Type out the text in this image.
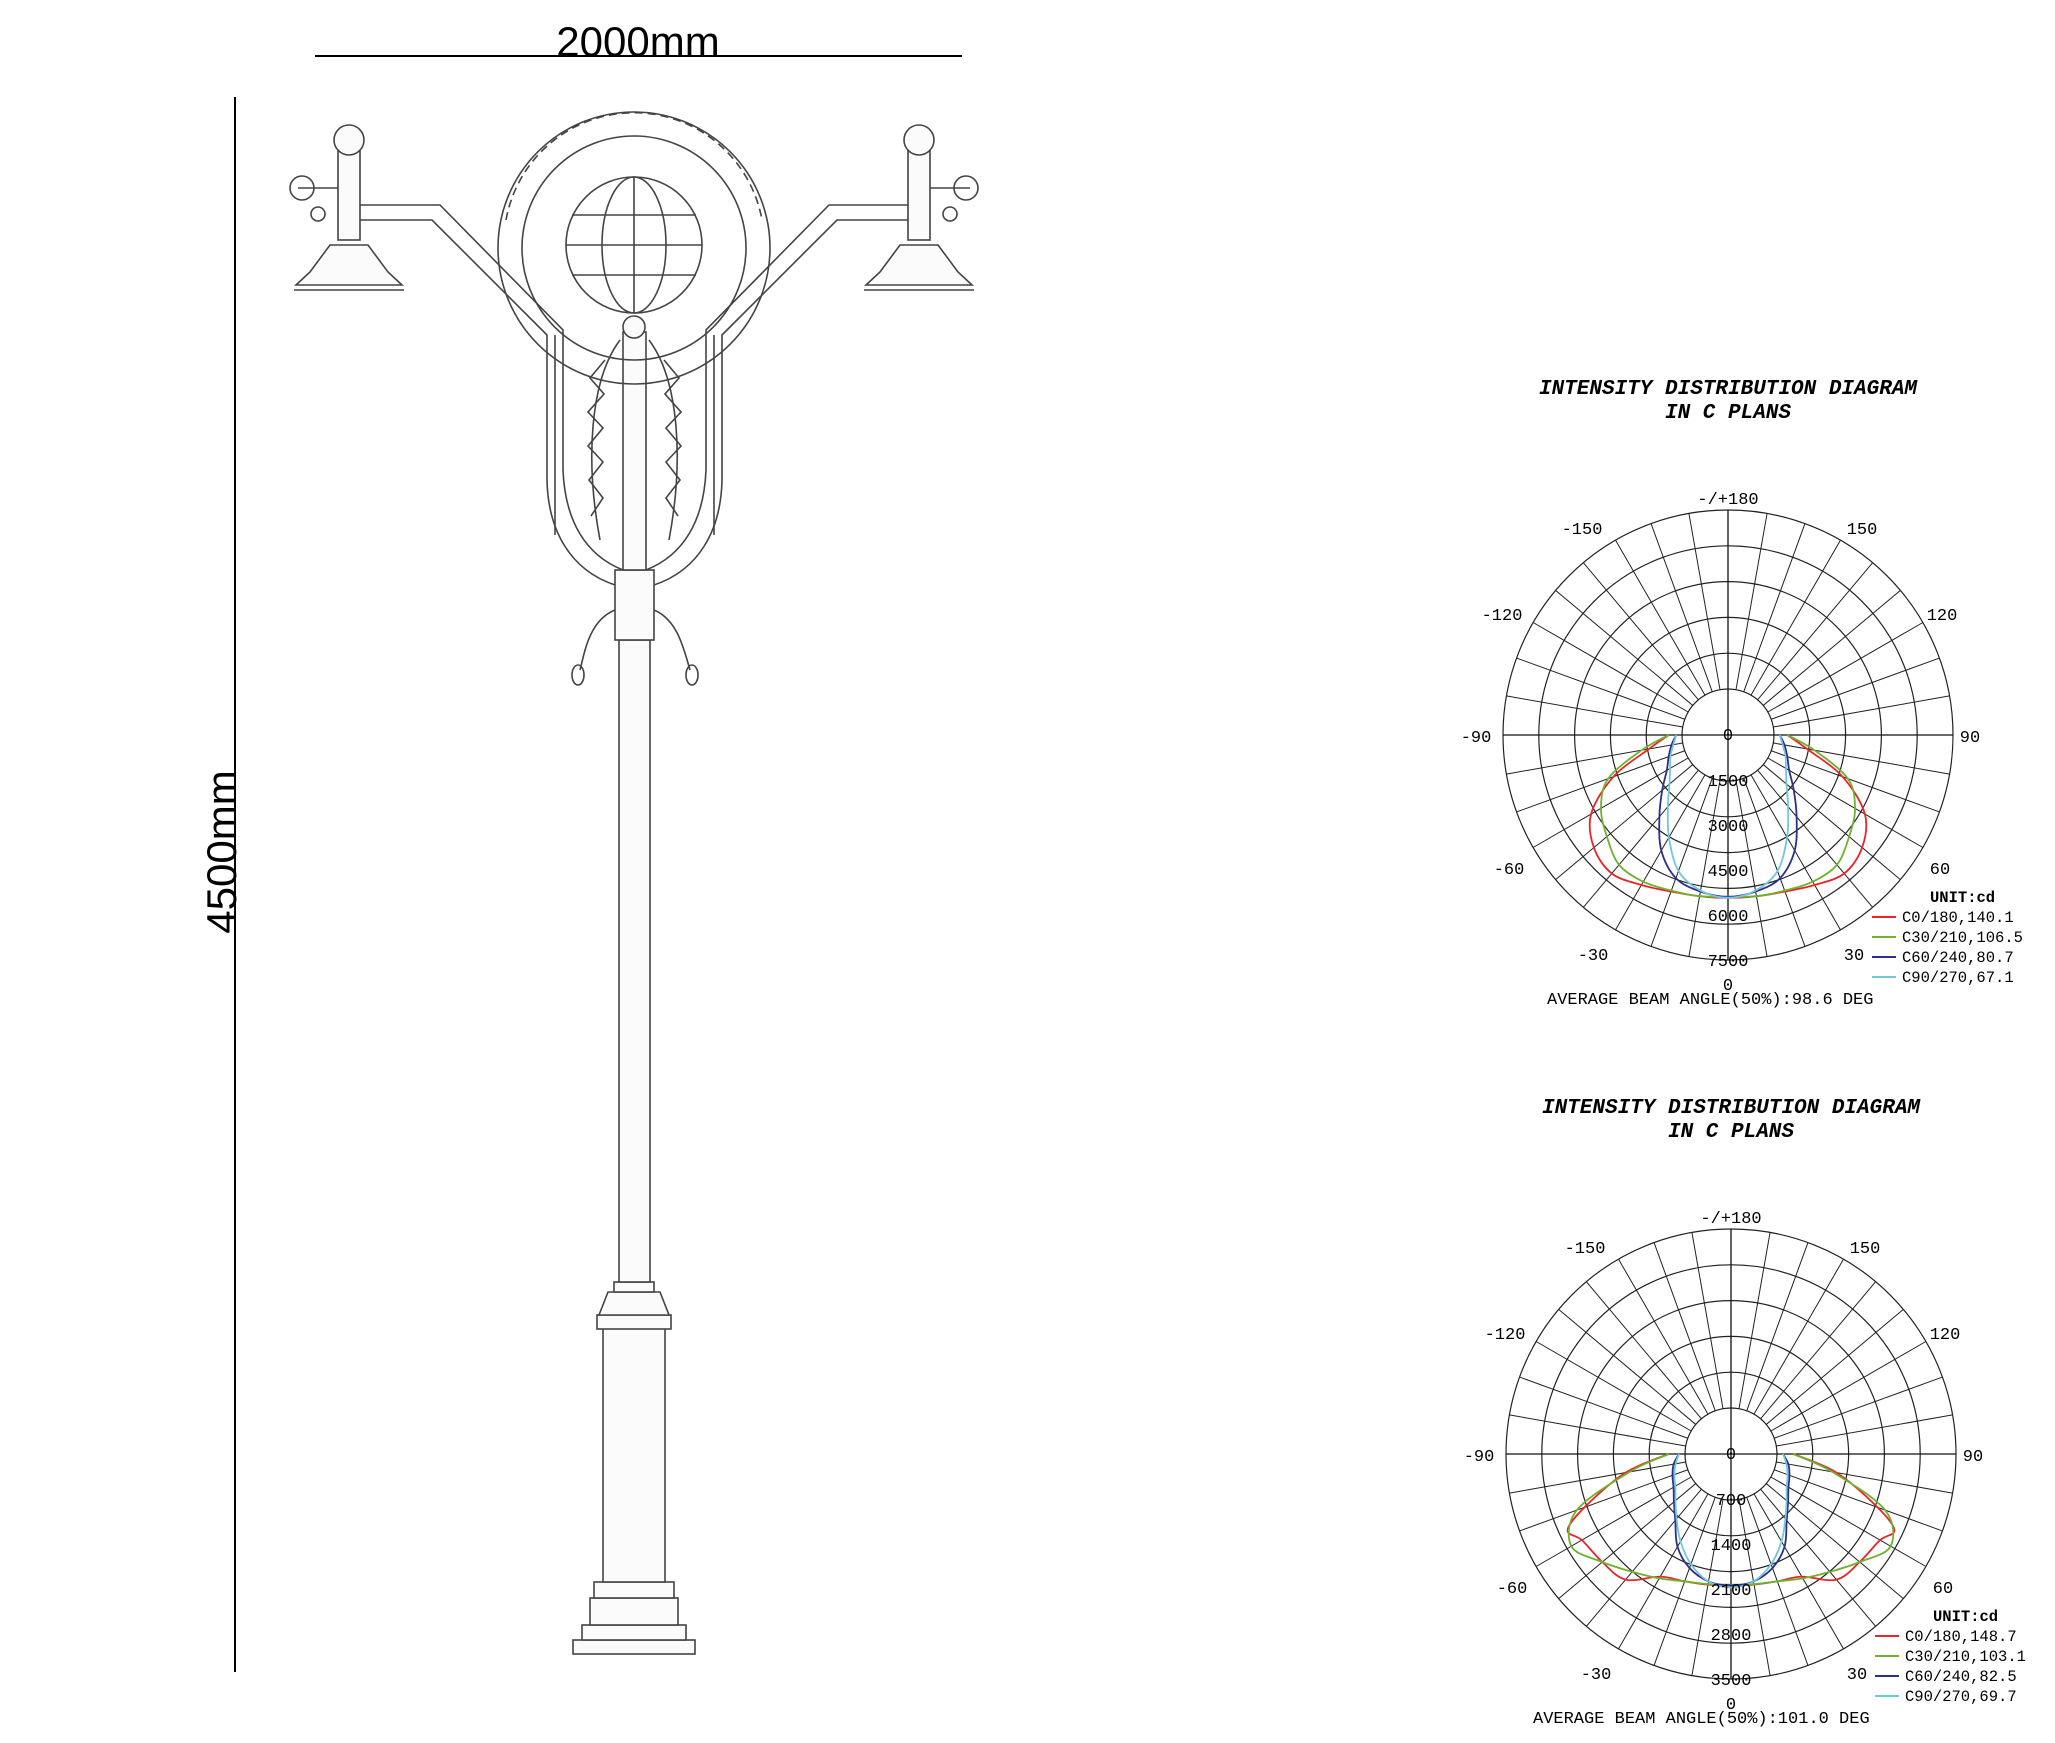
2000mm
4500mm
INTENSITY DISTRIBUTION DIAGRAM
IN C PLANS
-/+180
-150	150
-120	120
-90	90
-60	60
-30	30
0
0
1500
3000
4500
6000
7500
UNIT:cd
C0/180,140.1
C30/210,106.5
C60/240,80.7
C90/270,67.1
AVERAGE BEAM ANGLE(50%):98.6 DEG
INTENSITY DISTRIBUTION DIAGRAM
IN C PLANS
-/+180
-150	150
-120	120
-90	90
-60	60
-30	30
0
0
700
1400
2100
2800
3500
UNIT:cd
C0/180,148.7
C30/210,103.1
C60/240,82.5
C90/270,69.7
AVERAGE BEAM ANGLE(50%):101.0 DEG
